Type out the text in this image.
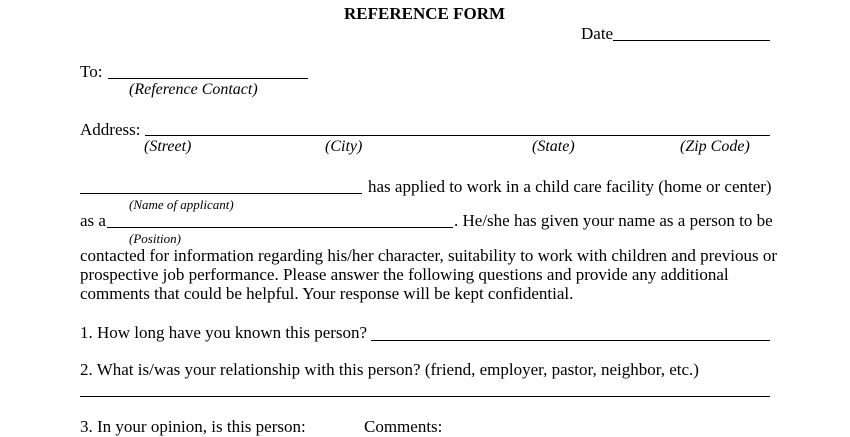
REFERENCE FORM
Date
To:
(Reference Contact)
Address:
(Street)	(City)	(State)	(Zip Code)
has applied to work in a child care facility (home or center)
(Name of applicant)
as a	. He/she has given your name as a person to be
(Position)
contacted for information regarding his/her character, suitability to work with children and previous or
prospective job performance. Please answer the following questions and provide any additional
comments that could be helpful. Your response will be kept confidential.
1. How long have you known this person?
2. What is/was your relationship with this person? (friend, employer, pastor, neighbor, etc.)
3. In your opinion, is this person:	Comments:
